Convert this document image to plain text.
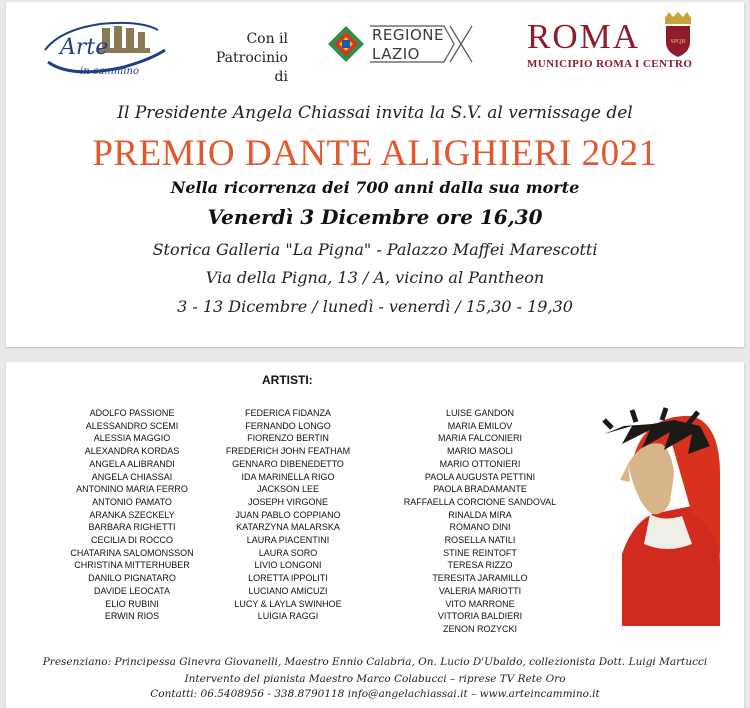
Arte
in cammino
Con il Patrocinio di
REGIONE
LAZIO	ROMA
MUNICIPIO ROMA I CENTRO
SPQR
Il Presidente Angela Chiassai invita la S.V. al vernissage del
PREMIO DANTE ALIGHIERI 2021
Nella ricorrenza dei 700 anni dalla sua morte
Venerdì 3 Dicembre ore 16,30
Storica Galleria "La Pigna" - Palazzo Maffei Marescotti
Via della Pigna, 13 / A, vicino al Pantheon
3 - 13 Dicembre / lunedì - venerdì / 15,30 - 19,30
ARTISTI:
ADOLFO PASSIONE
ALESSANDRO SCEMI
ALESSIA MAGGIO
ALEXANDRA KORDAS
ANGELA ALIBRANDI
ANGELA CHIASSAI
ANTONINO MARIA FERRO
ANTONIO PAMATO
ARANKA SZECKELY
BARBARA RIGHETTI
CECILIA DI ROCCO
CHATARINA SALOMONSSON
CHRISTINA MITTERHUBER
DANILO PIGNATARO
DAVIDE LEOCATA
ELIO RUBINI
ERWIN RIOS
FEDERICA FIDANZA
FERNANDO LONGO
FIORENZO BERTIN
FREDERICH JOHN FEATHAM
GENNARO DIBENEDETTO
IDA MARINELLA RIGO
JACKSON LEE
JOSEPH VIRGONE
JUAN PABLO COPPIANO
KATARZYNA MALARSKA
LAURA PIACENTINI
LAURA SORO
LIVIO LONGONI
LORETTA IPPOLITI
LUCIANO AMICUZI
LUCY & LAYLA SWINHOE
LUIGIA RAGGI
LUISE GANDON
MARIA EMILOV
MARIA FALCONIERI
MARIO MASOLI
MARIO OTTONIERI
PAOLA AUGUSTA PETTINI
PAOLA BRADAMANTE
RAFFAELLA CORCIONE SANDOVAL
RINALDA MIRA
ROMANO DINI
ROSELLA NATILI
STINE REINTOFT
TERESA RIZZO
TERESITA JARAMILLO
VALERIA MARIOTTI
VITO MARRONE
VITTORIA BALDIERI
ZENON ROZYCKI
Presenziano: Principessa Ginevra Giovanelli, Maestro Ennio Calabria, On. Lucio D'Ubaldo, collezionista Dott. Luigi Martucci
Intervento del pianista Maestro Marco Colabucci – riprese TV Rete Oro
Contatti: 06.5408956 - 338.8790118 info@angelachiassai.it – www.arteincammino.it
